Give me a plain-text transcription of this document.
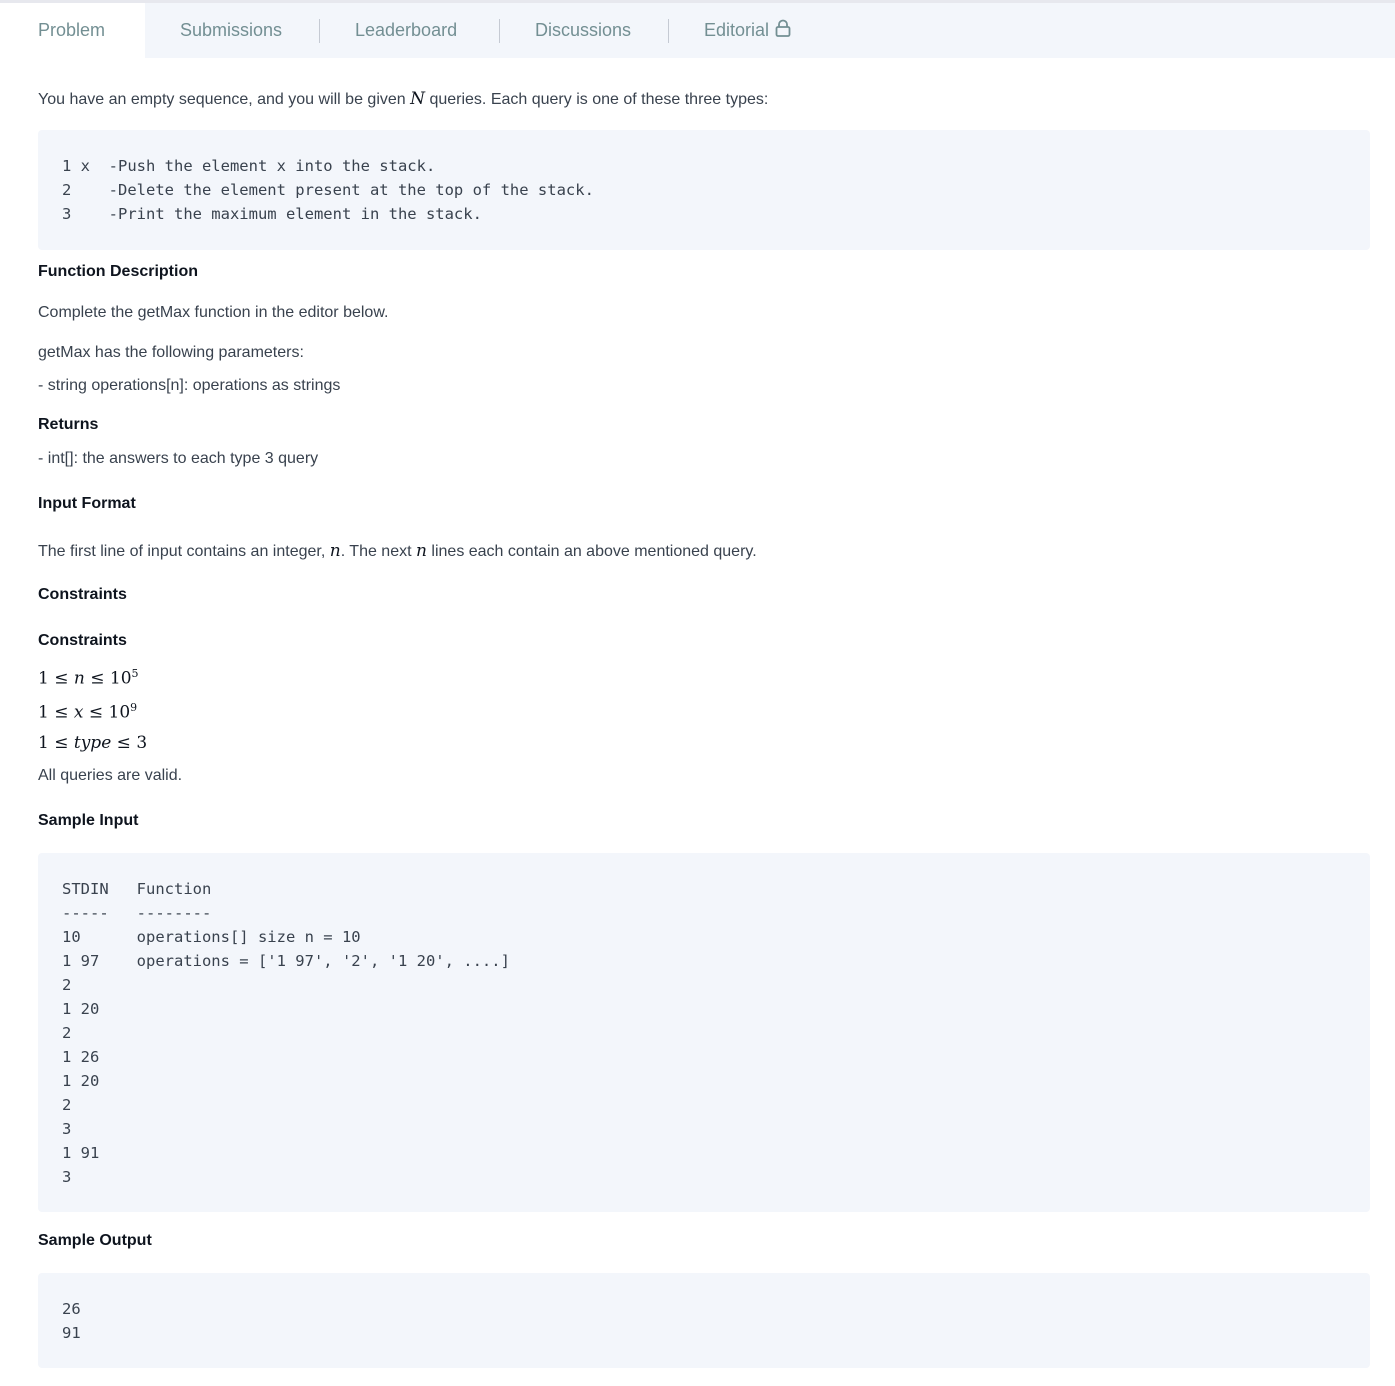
Problem	Submissions	Leaderboard	Discussions	Editorial

You have an empty sequence, and you will be given N queries. Each query is one of these three types:

1 x  -Push the element x into the stack.
2    -Delete the element present at the top of the stack.
3    -Print the maximum element in the stack.

Function Description

Complete the getMax function in the editor below.

getMax has the following parameters:

- string operations[n]: operations as strings

Returns

- int[]: the answers to each type 3 query

Input Format

The first line of input contains an integer, n. The next n lines each contain an above mentioned query.

Constraints

Constraints

$1 \le n \le 10^5$

$1 \le x \le 10^9$

1 ≤ type ≤ 3

All queries are valid.

Sample Input

STDIN   Function
-----   --------
10      operations[] size n = 10
1 97    operations = ['1 97', '2', '1 20', ....]
2
1 20
2
1 26
1 20
2
3
1 91
3

Sample Output

26
91
